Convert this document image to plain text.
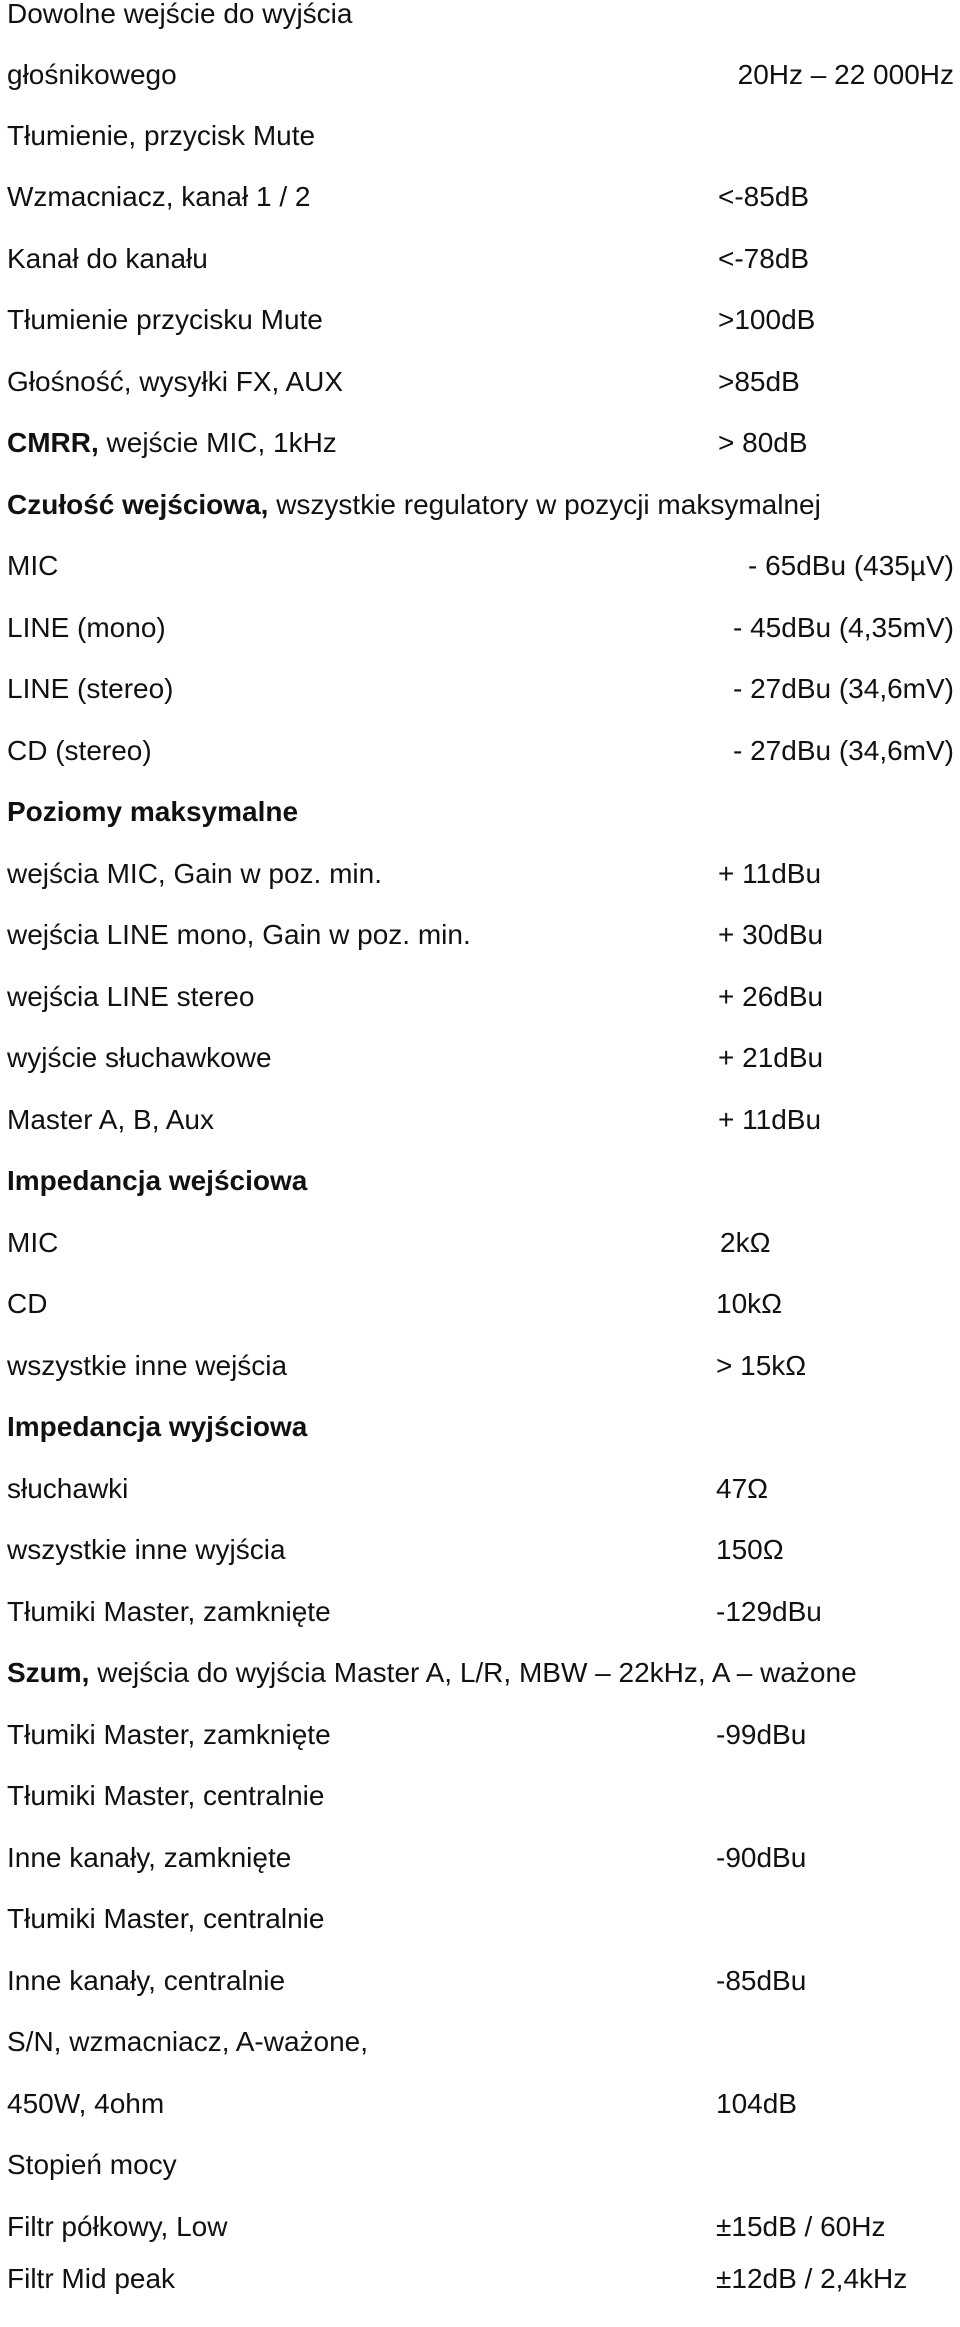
Dowolne wejście do wyjścia
głośnikowego	20Hz – 22 000Hz
Tłumienie, przycisk Mute
Wzmacniacz, kanał 1 / 2	<-85dB
Kanał do kanału	<-78dB
Tłumienie przycisku Mute	>100dB
Głośność, wysyłki FX, AUX	>85dB
CMRR, wejście MIC, 1kHz	> 80dB
Czułość wejściowa, wszystkie regulatory w pozycji maksymalnej
MIC	- 65dBu (435µV)
LINE (mono)	- 45dBu (4,35mV)
LINE (stereo)	- 27dBu (34,6mV)
CD (stereo)	- 27dBu (34,6mV)
Poziomy maksymalne
wejścia MIC, Gain w poz. min.	+ 11dBu
wejścia LINE mono, Gain w poz. min.	+ 30dBu
wejścia LINE stereo	+ 26dBu
wyjście słuchawkowe	+ 21dBu
Master A, B, Aux	+ 11dBu
Impedancja wejściowa
MIC	2kΩ
CD	10kΩ
wszystkie inne wejścia	> 15kΩ
Impedancja wyjściowa
słuchawki	47Ω
wszystkie inne wyjścia	150Ω
Tłumiki Master, zamknięte	-129dBu
Szum, wejścia do wyjścia Master A, L/R, MBW – 22kHz, A – ważone
Tłumiki Master, zamknięte	-99dBu
Tłumiki Master, centralnie
Inne kanały, zamknięte	-90dBu
Tłumiki Master, centralnie
Inne kanały, centralnie	-85dBu
S/N, wzmacniacz, A-ważone,
450W, 4ohm	104dB
Stopień mocy
Filtr półkowy, Low	±15dB / 60Hz
Filtr Mid peak	±12dB / 2,4kHz
